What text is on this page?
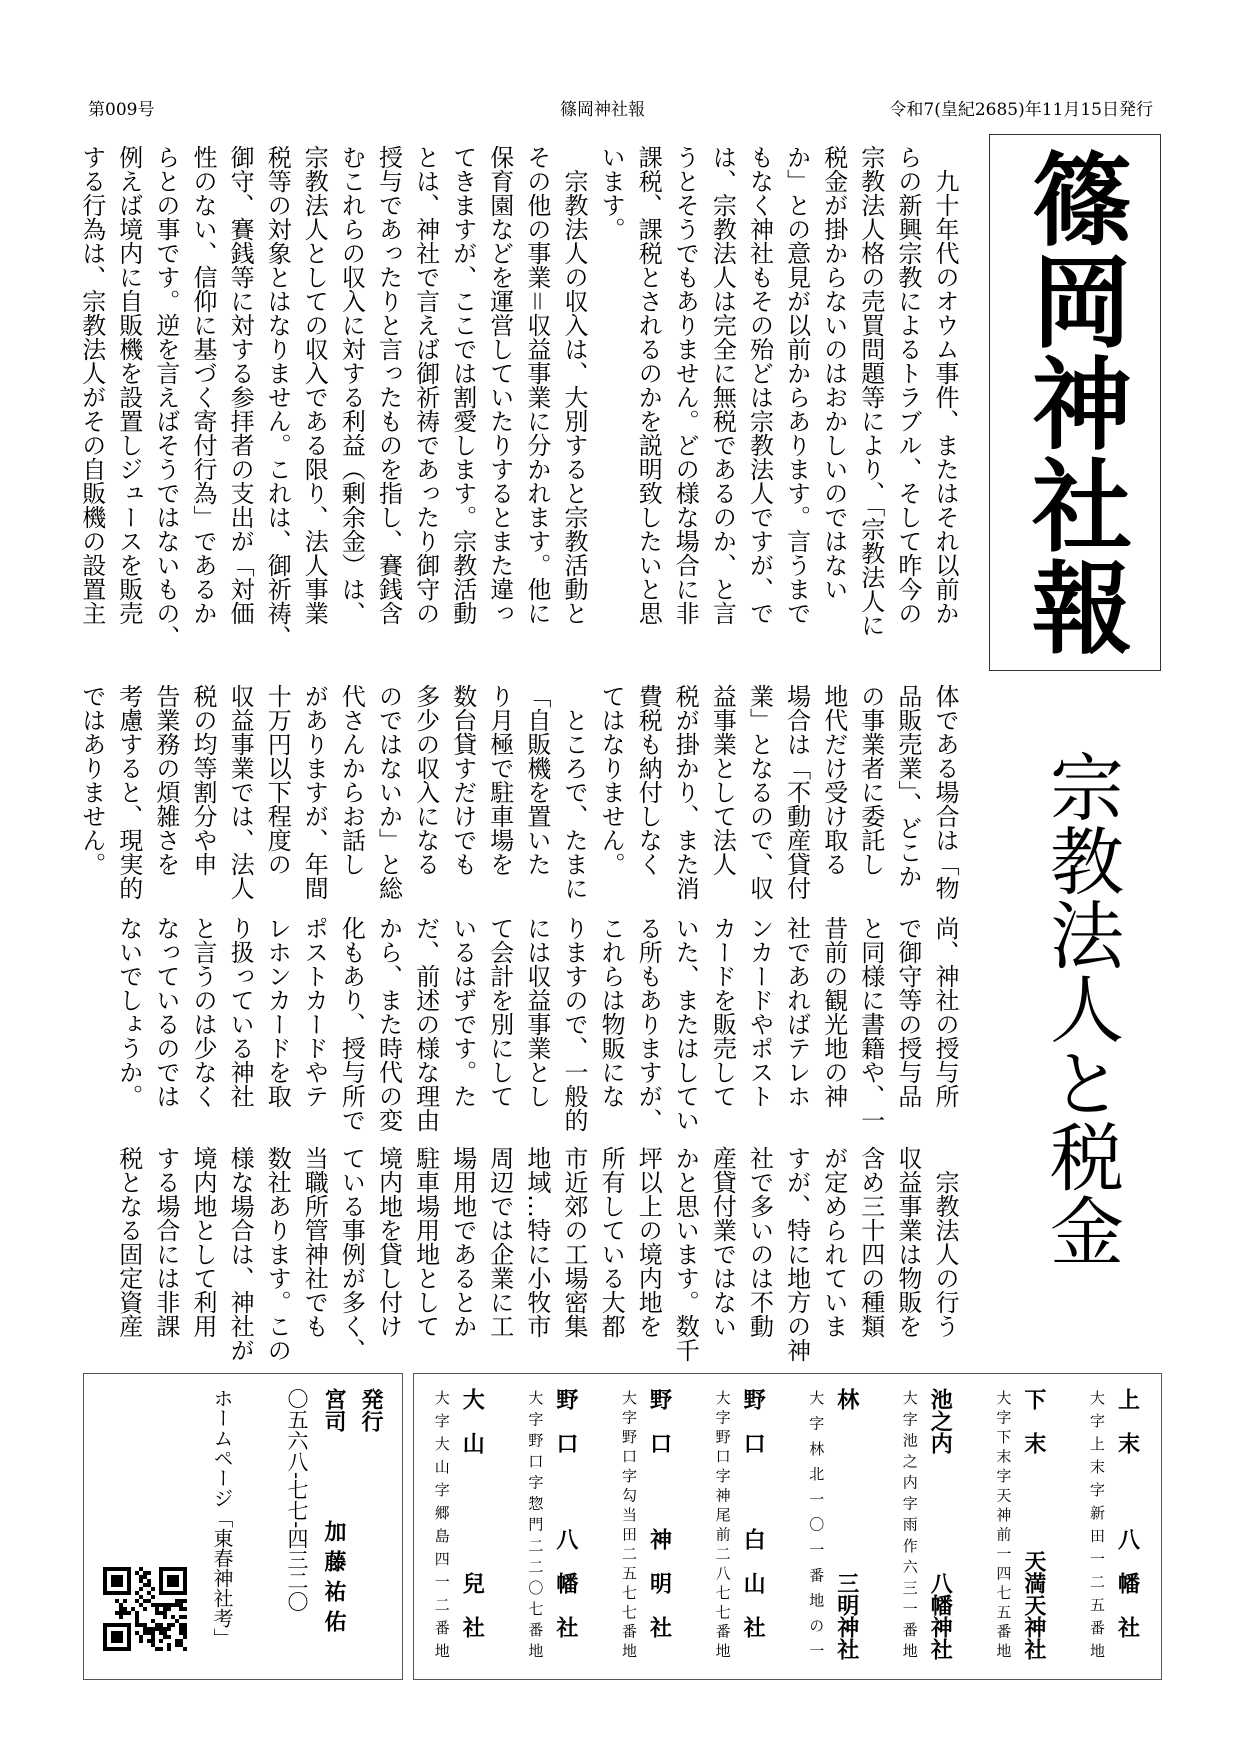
第009号	篠岡神社報	令和7(皇紀2685)年11月15日発行
篠岡神社報
宗教法人と税金
　九十年代のオウム事件、またはそれ以前か
らの新興宗教によるトラブル、そして昨今の
宗教法人格の売買問題等により、「宗教法人に
税金が掛からないのはおかしいのではない
か」との意見が以前からあります。言うまで
もなく神社もその殆どは宗教法人ですが、で
は、宗教法人は完全に無税であるのか、と言
うとそうでもありません。どの様な場合に非
課税、課税とされるのかを説明致したいと思
います。
　宗教法人の収入は、大別すると宗教活動と
その他の事業＝収益事業に分かれます。他に
保育園などを運営していたりするとまた違っ
てきますが、ここでは割愛します。宗教活動
とは、神社で言えば御祈祷であったり御守の
授与であったりと言ったものを指し、賽銭含
むこれらの収入に対する利益（剰余金）は、
宗教法人としての収入である限り、法人事業
税等の対象とはなりません。これは、御祈祷、
御守、賽銭等に対する参拝者の支出が「対価
性のない、信仰に基づく寄付行為」であるか
らとの事です。逆を言えばそうではないもの、
例えば境内に自販機を設置しジュースを販売
する行為は、宗教法人がその自販機の設置主
体である場合は「物
品販売業」、どこか
の事業者に委託し
地代だけ受け取る
場合は「不動産貸付
業」となるので、収
益事業として法人
税が掛かり、また消
費税も納付しなく
てはなりません。
　ところで、たまに
「自販機を置いた
り月極で駐車場を
数台貸すだけでも
多少の収入になる
のではないか」と総
代さんからお話し
がありますが、年間
十万円以下程度の
収益事業では、法人
税の均等割分や申
告業務の煩雑さを
考慮すると、現実的
ではありません。
尚、神社の授与所
で御守等の授与品
と同様に書籍や、一
昔前の観光地の神
社であればテレホ
ンカードやポスト
カードを販売して
いた、またはしてい
る所もありますが、
これらは物販にな
りますので、一般的
には収益事業とし
て会計を別にして
いるはずです。た
だ、前述の様な理由
から、また時代の変
化もあり、授与所で
ポストカードやテ
レホンカードを取
り扱っている神社
と言うのは少なく
なっているのでは
ないでしょうか。
　宗教法人の行う
収益事業は物販を
含め三十四の種類
が定められていま
すが、特に地方の神
社で多いのは不動
産貸付業ではない
かと思います。数千
坪以上の境内地を
所有している大都
市近郊の工場密集
地域…特に小牧市
周辺では企業に工
場用地であるとか
駐車場用地として
境内地を貸し付け
ている事例が多く、
当職所管神社でも
数社あります。この
様な場合は、神社が
境内地として利用
する場合には非課
税となる固定資産
発行
宮司
加藤祐佑
〇五六八-七七-四三二〇
ホームページ「東春神社考」	上末
八幡社
大字上末字新田一二五番地
下末
天満天神社
大字下末字天神前一四七五番地
池之内
八幡神社
大字池之内字雨作六三一番地
林
三明神社
大字林北一〇一番地の一
野口
白山社
大字野口字神尾前二八七七番地
野口
神明社
大字野口字勾当田二五七七番地
野口
八幡社
大字野口字惣門二二〇七番地
大山
兒社
大字大山字郷島四一二番地
